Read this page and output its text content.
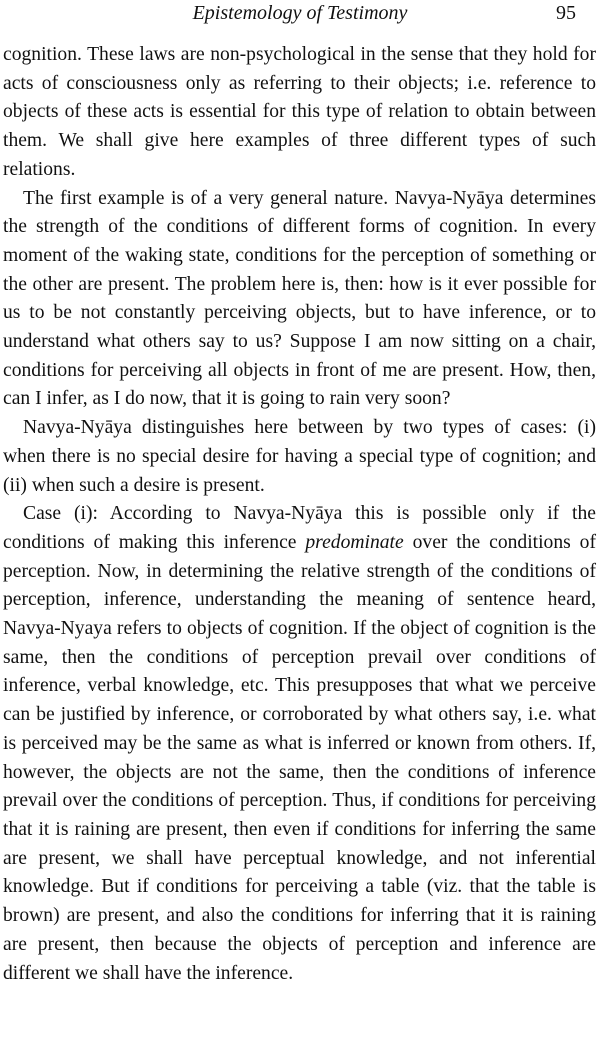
Epistemology of Testimony	95

cognition. These laws are non-psychological in the sense that they hold for acts of consciousness only as referring to their objects; i.e. reference to objects of these acts is essential for this type of relation to obtain between them. We shall give here examples of three different types of such relations.

The first example is of a very general nature. Navya-Nyāya determines the strength of the conditions of different forms of cognition. In every moment of the waking state, conditions for the perception of something or the other are present. The problem here is, then: how is it ever possible for us to be not constantly perceiving objects, but to have inference, or to understand what others say to us? Suppose I am now sitting on a chair, conditions for perceiving all objects in front of me are present. How, then, can I infer, as I do now, that it is going to rain very soon?

Navya-Nyāya distinguishes here between by two types of cases: (i) when there is no special desire for having a special type of cognition; and (ii) when such a desire is present.

Case (i): According to Navya-Nyāya this is possible only if the conditions of making this inference predominate over the conditions of perception. Now, in determining the relative strength of the conditions of perception, inference, understanding the meaning of sentence heard, Navya-Nyaya refers to objects of cognition. If the object of cognition is the same, then the conditions of perception prevail over conditions of inference, verbal knowledge, etc. This presupposes that what we perceive can be justified by inference, or corroborated by what others say, i.e. what is perceived may be the same as what is inferred or known from others. If, however, the objects are not the same, then the conditions of inference prevail over the conditions of perception. Thus, if conditions for perceiving that it is raining are present, then even if conditions for inferring the same are present, we shall have perceptual knowledge, and not inferential knowledge. But if conditions for perceiving a table (viz. that the table is brown) are present, and also the conditions for inferring that it is raining are present, then because the objects of perception and inference are different we shall have the inference.
